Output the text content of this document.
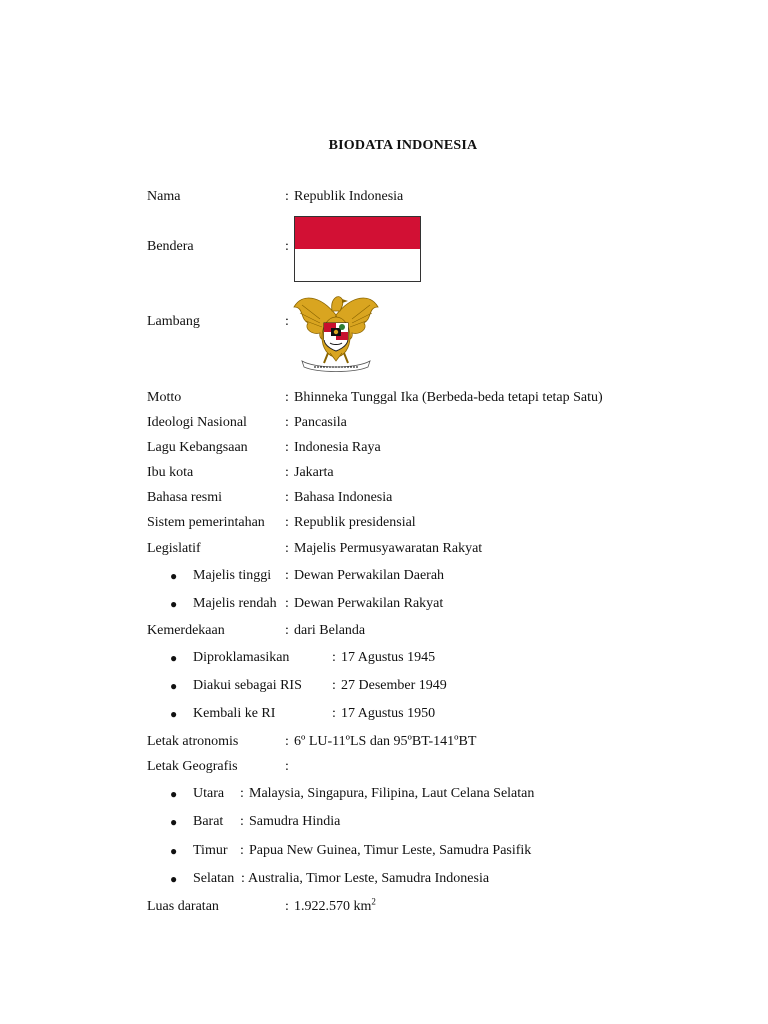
BIODATA INDONESIA
Nama	: Republik Indonesia
Bendera	:
Lambang	:
Motto	: Bhinneka Tunggal Ika (Berbeda-beda tetapi tetap Satu)
Ideologi Nasional	: Pancasila
Lagu Kebangsaan	: Indonesia Raya
Ibu kota	: Jakarta
Bahasa resmi	: Bahasa Indonesia
Sistem pemerintahan : Republik presidensial
Legislatif	: Majelis Permusyawaratan Rakyat
● Majelis tinggi : Dewan Perwakilan Daerah
● Majelis rendah : Dewan Perwakilan Rakyat
Kemerdekaan	: dari Belanda
● Diproklamasikan	: 17 Agustus 1945
● Diakui sebagai RIS : 27 Desember 1949
● Kembali ke RI	: 17 Agustus 1950
Letak atronomis	: 6º LU-11ºLS dan 95ºBT-141ºBT
Letak Geografis	:
● Utara : Malaysia, Singapura, Filipina, Laut Celana Selatan
● Barat : Samudra Hindia
● Timur : Papua New Guinea, Timur Leste, Samudra Pasifik
● Selatan : Australia, Timor Leste, Samudra Indonesia
Luas daratan	: 1.922.570 $km^2$
